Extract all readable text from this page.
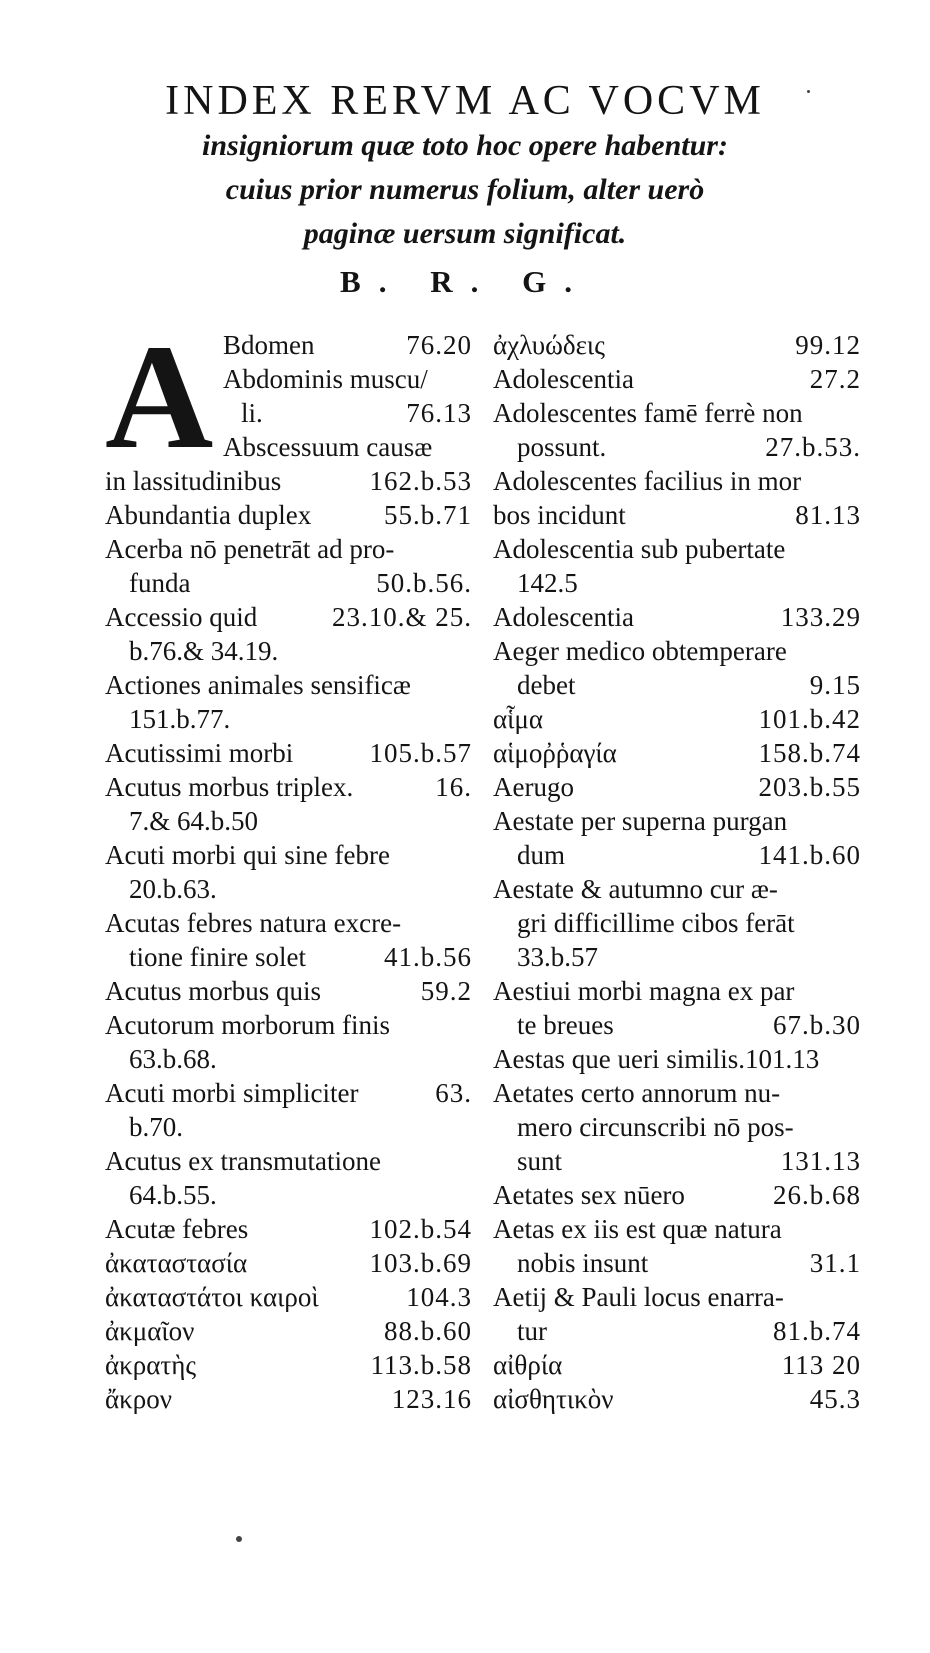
INDEX RERVM AC VOCVM
insigniorum quæ toto hoc opere habentur:
cuius prior numerus folium, alter uerò
paginæ uersum significat.
B. R. G.
A Bdomen	76.20
Abdominis muscu/
li.	76.13
Abscessuum causæ
in lassitudinibus	162.b.53
Abundantia duplex	55.b.71
Acerba nō penetrāt ad pro-
funda	50.b.56.
Accessio quid	23.10.& 25.
b.76.& 34.19.
Actiones animales sensificæ
151.b.77.
Acutissimi morbi	105.b.57
Acutus morbus triplex.	16.
7.& 64.b.50
Acuti morbi qui sine febre
20.b.63.
Acutas febres natura excre-
tione finire solet	41.b.56
Acutus morbus quis	59.2
Acutorum morborum finis
63.b.68.
Acuti morbi simpliciter	63.
b.70.
Acutus ex transmutatione
64.b.55.
Acutæ febres	102.b.54
ἀκαταστασία	103.b.69
ἀκαταστάτοι καιροὶ	104.3
ἀκμαῖον	88.b.60
ἀκρατὴς	113.b.58
ἄκρον	123.16
ἀχλυώδεις	99.12
Adolescentia	27.2
Adolescentes famē ferrè non
possunt.	27.b.53.
Adolescentes facilius in mor
bos incidunt	81.13
Adolescentia sub pubertate
142.5
Adolescentia	133.29
Aeger medico obtemperare
debet	9.15
αἷμα	101.b.42
αἱμοῤῥαγία	158.b.74
Aerugo	203.b.55
Aestate per superna purgan
dum	141.b.60
Aestate & autumno cur æ-
gri difficillime cibos ferāt
33.b.57
Aestiui morbi magna ex par
te breues	67.b.30
Aestas que ueri similis.101.13
Aetates certo annorum nu-
mero circunscribi nō pos-
sunt	131.13
Aetates sex nūero	26.b.68
Aetas ex iis est quæ natura
nobis insunt	31.1
Aetij & Pauli locus enarra-
tur	81.b.74
αἰθρία	113 20
αἰσθητικὸν	45.3
